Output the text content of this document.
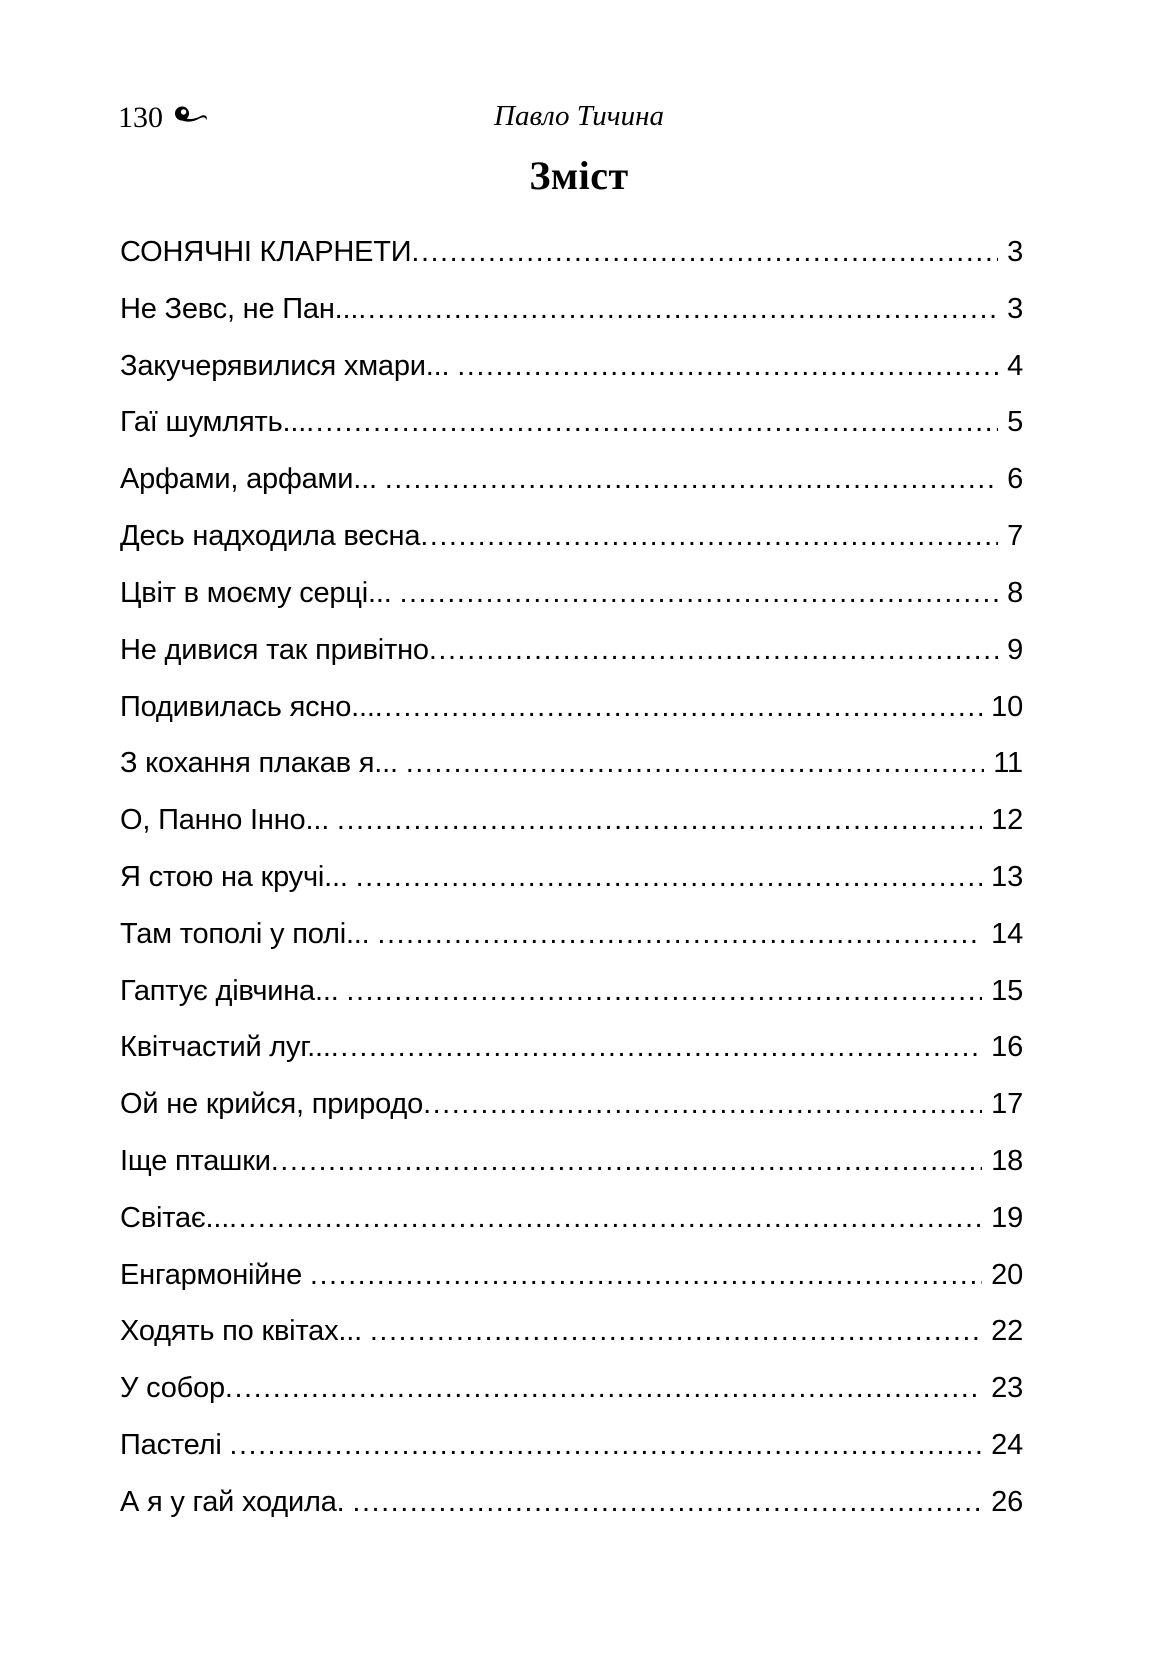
130	Павло Тичина
Зміст
СОНЯЧНІ КЛАРНЕТИ .....	3
Не Зевс, не Пан... .....	3
Закучерявилися хмари... .....	4
Гаї шумлять... .....	5
Арфами, арфами... .....	6
Десь надходила весна .....	7
Цвіт в моєму серці... .....	8
Не дивися так привітно .....	9
Подивилась ясно... .....	10
З кохання плакав я... .....	11
О, Панно Інно... .....	12
Я стою на кручі... .....	13
Там тополі у полі... .....	14
Гаптує дівчина... .....	15
Квітчастий луг... .....	16
Ой не крийся, природо .....	17
Іще пташки .....	18
Світає... .....	19
Енгармонійне .....	20
Ходять по квітах... .....	22
У собор .....	23
Пастелі .....	24
А я у гай ходила. .....	26
